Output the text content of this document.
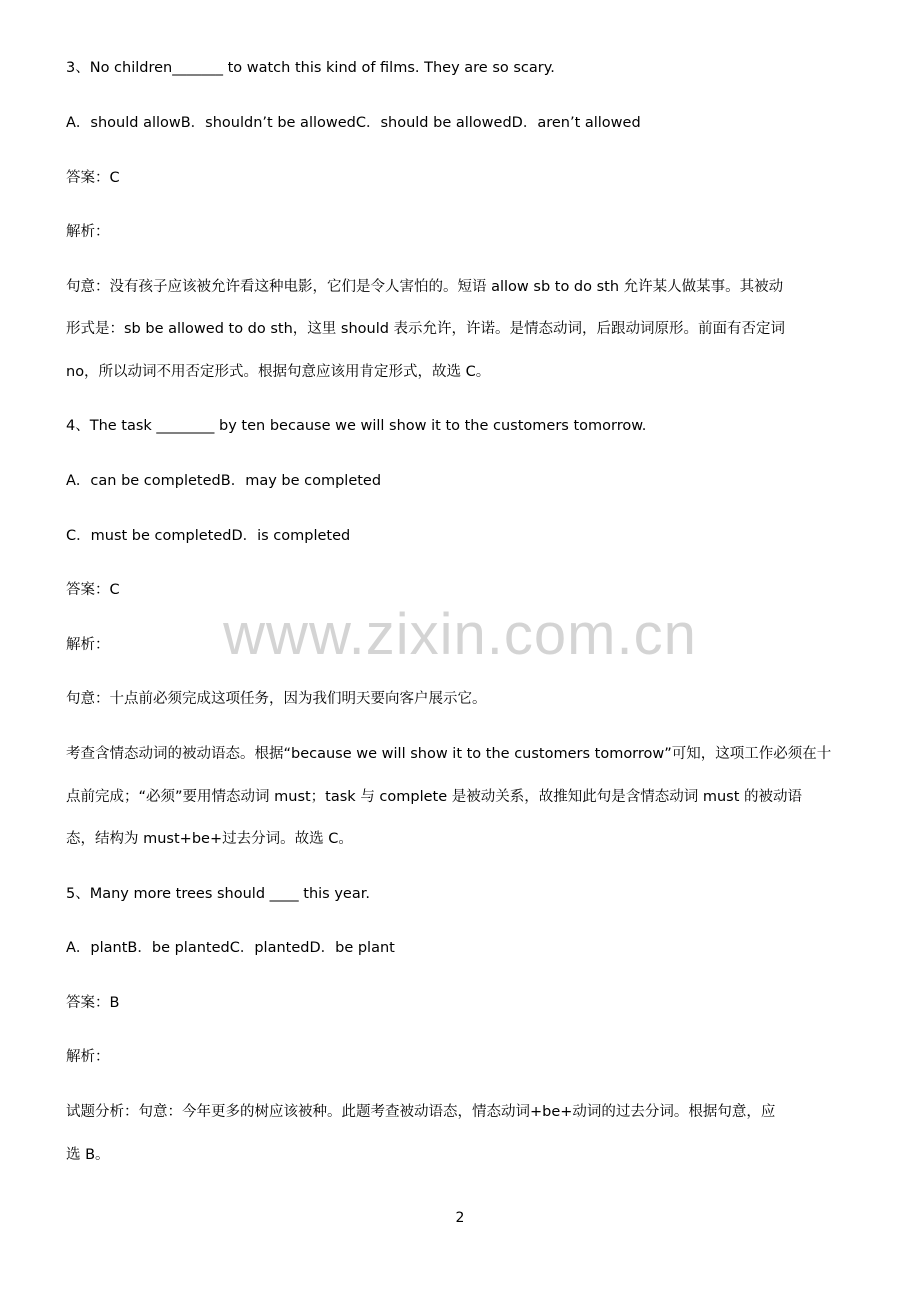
www.zixin.com.cn
3、No children_______ to watch this kind of films. They are so scary.
A．should allowB．shouldn’t be allowedC．should be allowedD．aren’t allowed
答案：C
解析：
句意：没有孩子应该被允许看这种电影，它们是令人害怕的。短语 allow sb to do sth 允许某人做某事。其被动
形式是：sb be allowed to do sth，这里 should 表示允许，许诺。是情态动词，后跟动词原形。前面有否定词
no，所以动词不用否定形式。根据句意应该用肯定形式，故选 C。
4、The task ________ by ten because we will show it to the customers tomorrow.
A．can be completedB．may be completed
C．must be completedD．is completed
答案：C
解析：
句意：十点前必须完成这项任务，因为我们明天要向客户展示它。
考查含情态动词的被动语态。根据“because we will show it to the customers tomorrow”可知，这项工作必须在十
点前完成；“必须”要用情态动词 must；task 与 complete 是被动关系，故推知此句是含情态动词 must 的被动语
态，结构为 must+be+过去分词。故选 C。
5、Many more trees should ____ this year.
A．plantB．be plantedC．plantedD．be plant
答案：B
解析：
试题分析：句意：今年更多的树应该被种。此题考查被动语态，情态动词+be+动词的过去分词。根据句意，应
选 B。
2
